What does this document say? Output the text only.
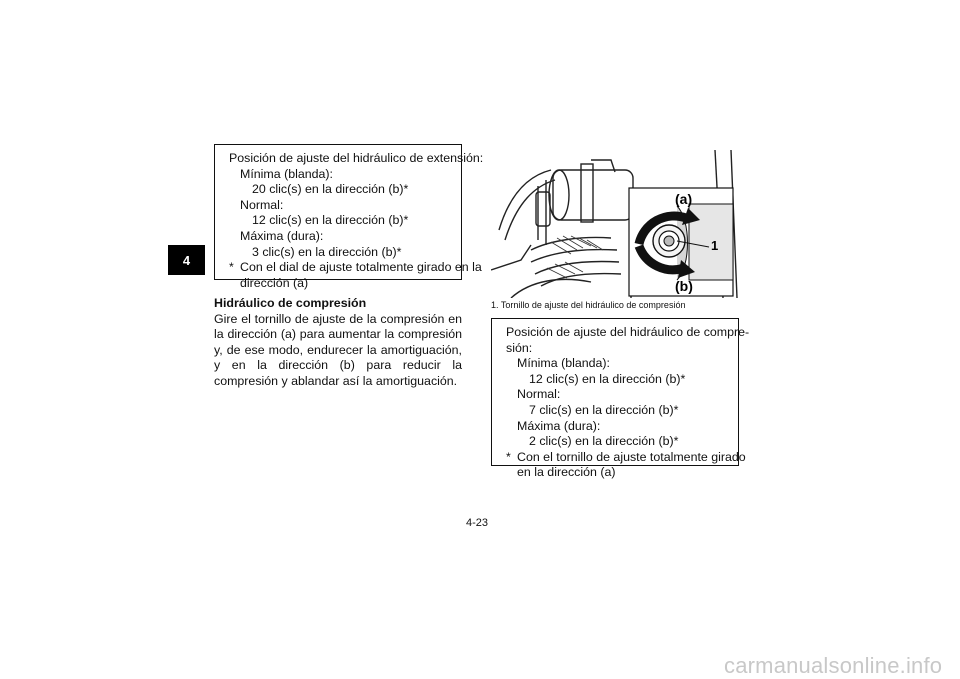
4
Posición de ajuste del hidráulico de extensión:
Mínima (blanda):
20 clic(s) en la dirección (b)*
Normal:
12 clic(s) en la dirección (b)*
Máxima (dura):
3 clic(s) en la dirección (b)*
* Con el dial de ajuste totalmente girado en la
dirección (a)
Hidráulico de compresión

Gire el tornillo de ajuste de la compresión en la dirección (a) para aumentar la compresión y, de ese modo, endurecer la amortiguación, y en la dirección (b) para reducir la compresión y ablandar así la amortiguación.

(a)
(b)
1
1. Tornillo de ajuste del hidráulico de compresión
Posición de ajuste del hidráulico de compre-
sión:
Mínima (blanda):
12 clic(s) en la dirección (b)*
Normal:
7 clic(s) en la dirección (b)*
Máxima (dura):
2 clic(s) en la dirección (b)*
* Con el tornillo de ajuste totalmente girado
en la dirección (a)
4-23
carmanualsonline.info
